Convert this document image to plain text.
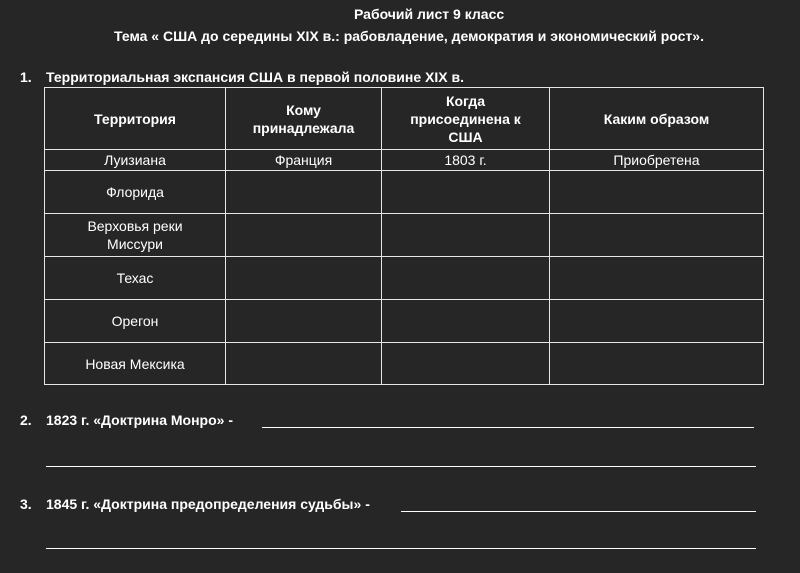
Рабочий лист 9 класс
Тема « США до середины XIX в.: рабовладение, демократия и экономический рост».
1. Территориальная экспансия США в первой половине XIX в.
Территория	Кому принадлежала	Когда присоединена к США	Каким образом
Луизиана	Франция	1803 г.	Приобретена
Флорида			

Верховья реки Миссури			

Техас			
Орегон			
Новая Мексика			
2. 1823 г. «Доктрина Монро» -
3. 1845 г. «Доктрина предопределения судьбы» -
